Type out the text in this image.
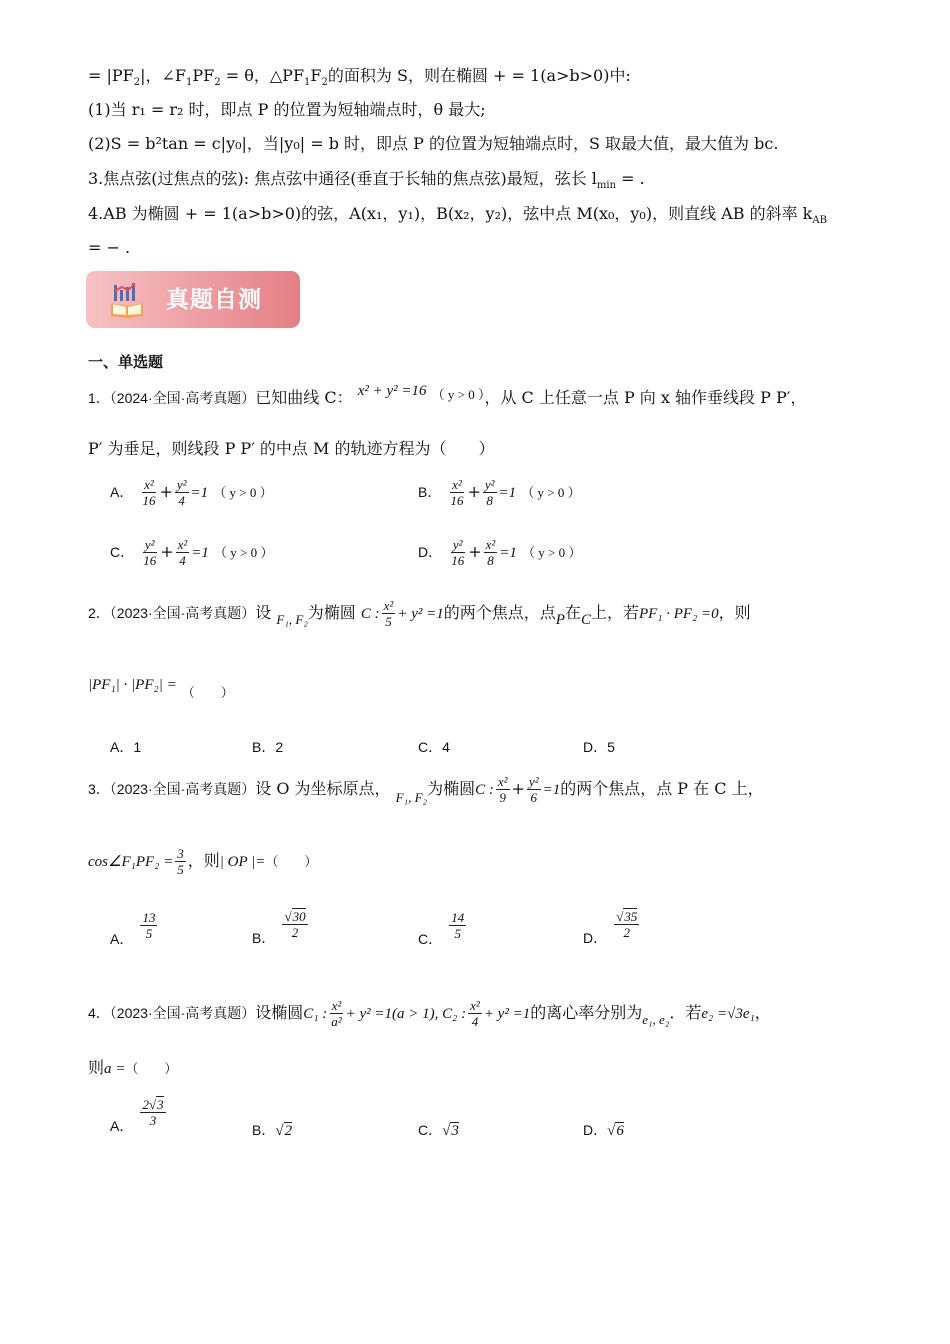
= $|PF_2|$，$\angle F_1PF_2 = \theta$，$\triangle PF_1F_2$的面积为 S，则在椭圆 + = 1(a>b>0)中:
(1)当 r₁ = r₂ 时，即点 P 的位置为短轴端点时，θ 最大;
(2)S = b²tan = c|y₀|，当|y₀| = b 时，即点 P 的位置为短轴端点时，S 取最大值，最大值为 bc.
3.焦点弦(过焦点的弦): 焦点弦中通径(垂直于长轴的焦点弦)最短，弦长 $l_{min}$ = .
4.AB 为椭圆 + = 1(a>b>0)的弦，A(x₁，y₁)，B(x₂，y₂)，弦中点 M(x₀，y₀)，则直线 AB 的斜率 $k_{AB}$
= − .
真题自测
一、单选题
1．（2024·全国·高考真题）已知曲线 C： x² + y² =16 $^{( y > 0 )}$，从 C 上任意一点 P 向 x 轴作垂线段 P P′，
P′ 为垂足，则线段 P P′ 的中点 M 的轨迹方程为（　　）
A． $\frac{\text{x²}}{16} + \frac{\text{y²}}{4} =1$ （ y > 0 ）	B． $\frac{\text{x²}}{16} + \frac{\text{y²}}{8} =1$ （ y > 0 ）
C． $\frac{\text{y²}}{16} + \frac{\text{x²}}{4} =1$ （ y > 0 ）	D． $\frac{\text{y²}}{16} + \frac{\text{x²}}{8} =1$ （ y > 0 ）
2．（2023·全国·高考真题）设 $_{F_1, F_2}$为椭圆 C : $\frac{\text{x²}}{5} + y^2 =1$的两个焦点，点P在C上，若PF₁ · PF₂ =0，则
|PF₁| · |PF₂| = $_{( )}$
A．1	B．2	C．4	D．5
3．（2023·全国·高考真题）设 O 为坐标原点， $_{F_1, F_2}$为椭圆C : $\frac{\text{x²}}{9} + \frac{\text{y²}}{6} =1$的两个焦点，点 P 在 C 上，
cos∠F₁PF₂ = $\frac{3}{5}$ ，则| OP |=（　　）
A． $\frac{13}{5}$	B． $\frac{√30}{2}$	C． $\frac{14}{5}$	D． $\frac{√35}{2}$
4．（2023·全国·高考真题）设椭圆C₁ : $\frac{\text{x²}}{\text{a²}} + y^2 =1(a > 1)$, C₂ : $\frac{\text{x²}}{4} + y^2 =1$的离心率分别为$_{e_1, e_2}$．若e₂ =√3e₁，
则a =（　　）
A． $\frac{2√3}{3}$
B．√2	C．√3	D．√6
